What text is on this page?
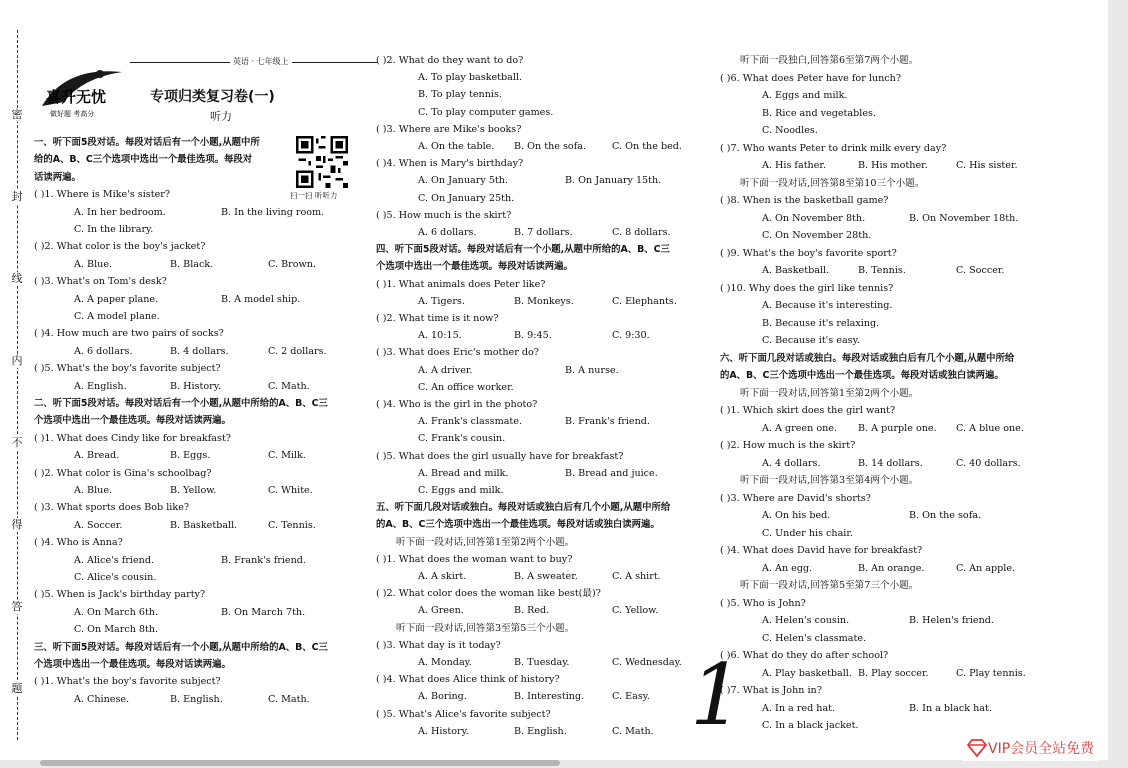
密
封
线
内
不
得
答
题
喜升无忧
做好题 考高分
英语 · 七年级上
专项归类复习卷(一)
听力
扫一扫 听听力
一、听下面5段对话。每段对话后有一个小题,从题中所
给的A、B、C三个选项中选出一个最佳选项。每段对
话读两遍。
( )1. Where is Mike's sister?
A. In her bedroom.	B. In the living room.
C. In the library.
( )2. What color is the boy's jacket?
A. Blue.	B. Black.	C. Brown.
( )3. What's on Tom's desk?
A. A paper plane.	B. A model ship.
C. A model plane.
( )4. How much are two pairs of socks?
A. 6 dollars.	B. 4 dollars.	C. 2 dollars.
( )5. What's the boy's favorite subject?
A. English.	B. History.	C. Math.
二、听下面5段对话。每段对话后有一个小题,从题中所给的A、B、C三
个选项中选出一个最佳选项。每段对话读两遍。
( )1. What does Cindy like for breakfast?
A. Bread.	B. Eggs.	C. Milk.
( )2. What color is Gina's schoolbag?
A. Blue.	B. Yellow.	C. White.
( )3. What sports does Bob like?
A. Soccer.	B. Basketball.	C. Tennis.
( )4. Who is Anna?
A. Alice's friend.	B. Frank's friend.
C. Alice's cousin.
( )5. When is Jack's birthday party?
A. On March 6th.	B. On March 7th.
C. On March 8th.
三、听下面5段对话。每段对话后有一个小题,从题中所给的A、B、C三
个选项中选出一个最佳选项。每段对话读两遍。
( )1. What's the boy's favorite subject?
A. Chinese.	B. English.	C. Math.
( )2. What do they want to do?
A. To play basketball.
B. To play tennis.
C. To play computer games.
( )3. Where are Mike's books?
A. On the table. B. On the sofa.	C. On the bed.
( )4. When is Mary's birthday?
A. On January 5th.	B. On January 15th.
C. On January 25th.
( )5. How much is the skirt?
A. 6 dollars.	B. 7 dollars.	C. 8 dollars.
四、听下面5段对话。每段对话后有一个小题,从题中所给的A、B、C三
个选项中选出一个最佳选项。每段对话读两遍。
( )1. What animals does Peter like?
A. Tigers.	B. Monkeys.	C. Elephants.
( )2. What time is it now?
A. 10:15.	B. 9:45.	C. 9:30.
( )3. What does Eric's mother do?
A. A driver.	B. A nurse.
C. An office worker.
( )4. Who is the girl in the photo?
A. Frank's classmate.	B. Frank's friend.
C. Frank's cousin.
( )5. What does the girl usually have for breakfast?
A. Bread and milk.	B. Bread and juice.
C. Eggs and milk.
五、听下面几段对话或独白。每段对话或独白后有几个小题,从题中所给
的A、B、C三个选项中选出一个最佳选项。每段对话或独白读两遍。
听下面一段对话,回答第1至第2两个小题。
( )1. What does the woman want to buy?
A. A skirt.	B. A sweater.	C. A shirt.
( )2. What color does the woman like best(最)?
A. Green.	B. Red.	C. Yellow.
听下面一段对话,回答第3至第5三个小题。
( )3. What day is it today?
A. Monday.	B. Tuesday.	C. Wednesday.
( )4. What does Alice think of history?
A. Boring.	B. Interesting.	C. Easy.
( )5. What's Alice's favorite subject?
A. History.	B. English.	C. Math.
听下面一段独白,回答第6至第7两个小题。
( )6. What does Peter have for lunch?
A. Eggs and milk.
B. Rice and vegetables.
C. Noodles.
( )7. Who wants Peter to drink milk every day?
A. His father.	B. His mother.	C. His sister.
听下面一段对话,回答第8至第10三个小题。
( )8. When is the basketball game?
A. On November 8th.	B. On November 18th.
C. On November 28th.
( )9. What's the boy's favorite sport?
A. Basketball.	B. Tennis.	C. Soccer.
( )10. Why does the girl like tennis?
A. Because it's interesting.
B. Because it's relaxing.
C. Because it's easy.
六、听下面几段对话或独白。每段对话或独白后有几个小题,从题中所给
的A、B、C三个选项中选出一个最佳选项。每段对话或独白读两遍。
听下面一段对话,回答第1至第2两个小题。
( )1. Which skirt does the girl want?
A. A green one. B. A purple one. C. A blue one.
( )2. How much is the skirt?
A. 4 dollars.	B. 14 dollars.	C. 40 dollars.
听下面一段对话,回答第3至第4两个小题。
( )3. Where are David's shorts?
A. On his bed.	B. On the sofa.
C. Under his chair.
( )4. What does David have for breakfast?
A. An egg.	B. An orange.	C. An apple.
听下面一段对话,回答第5至第7三个小题。
( )5. Who is John?
A. Helen's cousin.	B. Helen's friend.
C. Helen's classmate.
( )6. What do they do after school?
A. Play basketball. B. Play soccer.	C. Play tennis.
( )7. What is John in?
A. In a red hat.	B. In a black hat.
C. In a black jacket.
1
VIP会员全站免费
